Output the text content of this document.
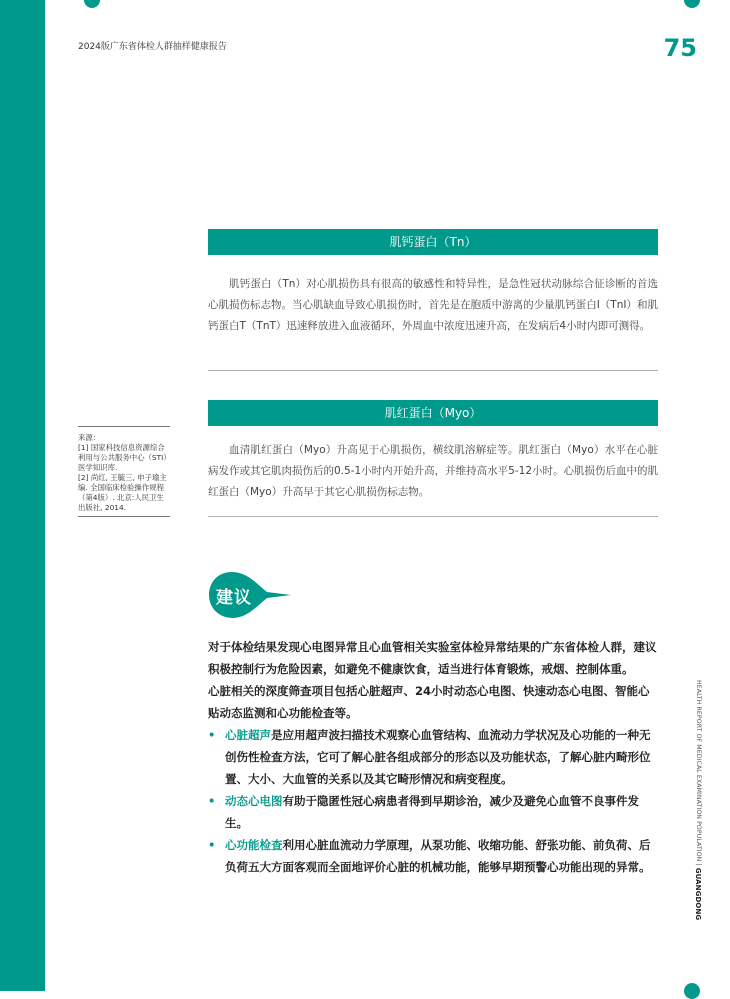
2024版广东省体检人群抽样健康报告	75
肌钙蛋白（Tn）
肌钙蛋白（Tn）对心肌损伤具有很高的敏感性和特异性，是急性冠状动脉综合征诊断的首选心肌损伤标志物。当心肌缺血导致心肌损伤时，首先是在胞质中游离的少量肌钙蛋白I（TnI）和肌钙蛋白T（TnT）迅速释放进入血液循环，外周血中浓度迅速升高，在发病后4小时内即可测得。
肌红蛋白（Myo）
血清肌红蛋白（Myo）升高见于心肌损伤，横纹肌溶解症等。肌红蛋白（Myo）水平在心脏病发作或其它肌肉损伤后的0.5-1小时内开始升高，并维持高水平5-12小时。心肌损伤后血中的肌红蛋白（Myo）升高早于其它心肌损伤标志物。
来源：
[1] 国家科技信息资源综合利用与公共服务中心（STI）医学知识库.
[2] 尚红, 王毓三, 申子瑜主编. 全国临床检验操作规程（第4版）. 北京:人民卫生出版社, 2014.
建议

对于体检结果发现心电图异常且心血管相关实验室体检异常结果的广东省体检人群，建议积极控制行为危险因素，如避免不健康饮食，适当进行体育锻炼，戒烟、控制体重。

心脏相关的深度筛查项目包括心脏超声、24小时动态心电图、快速动态心电图、智能心贴动态监测和心功能检查等。

• 心脏超声是应用超声波扫描技术观察心血管结构、血流动力学状况及心功能的一种无创伤性检查方法，它可了解心脏各组成部分的形态以及功能状态，了解心脏内畸形位置、大小、大血管的关系以及其它畸形情况和病变程度。

• 动态心电图有助于隐匿性冠心病患者得到早期诊治，减少及避免心血管不良事件发生。

• 心功能检查利用心脏血流动力学原理，从泵功能、收缩功能、舒张功能、前负荷、后负荷五大方面客观而全面地评价心脏的机械功能，能够早期预警心功能出现的异常。

HEALTH REPORT OF MEDICAL EXAMINATION POPULATION | GUANGDONG
